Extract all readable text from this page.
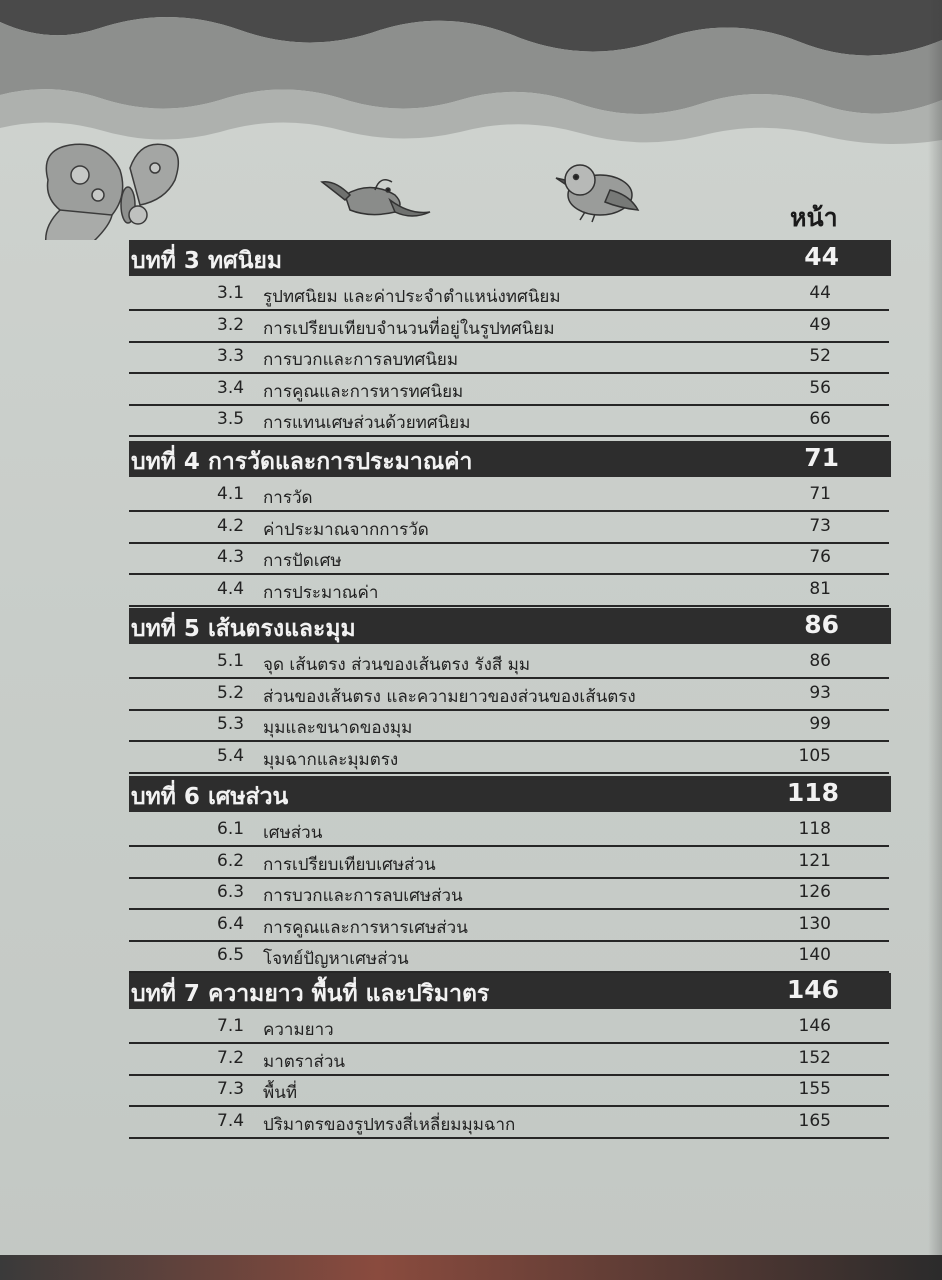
หน้า
บทที่ 3 ทศนิยม	44
3.1 รูปทศนิยม และค่าประจำตำแหน่งทศนิยม	44
3.2 การเปรียบเทียบจำนวนที่อยู่ในรูปทศนิยม	49
3.3 การบวกและการลบทศนิยม	52
3.4 การคูณและการหารทศนิยม	56
3.5 การแทนเศษส่วนด้วยทศนิยม	66
บทที่ 4 การวัดและการประมาณค่า	71
4.1 การวัด	71
4.2 ค่าประมาณจากการวัด	73
4.3 การปัดเศษ	76
4.4 การประมาณค่า	81
บทที่ 5 เส้นตรงและมุม	86
5.1 จุด เส้นตรง ส่วนของเส้นตรง รังสี มุม	86
5.2 ส่วนของเส้นตรง และความยาวของส่วนของเส้นตรง	93
5.3 มุมและขนาดของมุม	99
5.4 มุมฉากและมุมตรง	105
บทที่ 6 เศษส่วน	118
6.1 เศษส่วน	118
6.2 การเปรียบเทียบเศษส่วน	121
6.3 การบวกและการลบเศษส่วน	126
6.4 การคูณและการหารเศษส่วน	130
6.5 โจทย์ปัญหาเศษส่วน	140
บทที่ 7 ความยาว พื้นที่ และปริมาตร	146
7.1 ความยาว	146
7.2 มาตราส่วน	152
7.3 พื้นที่	155
7.4 ปริมาตรของรูปทรงสี่เหลี่ยมมุมฉาก	165
